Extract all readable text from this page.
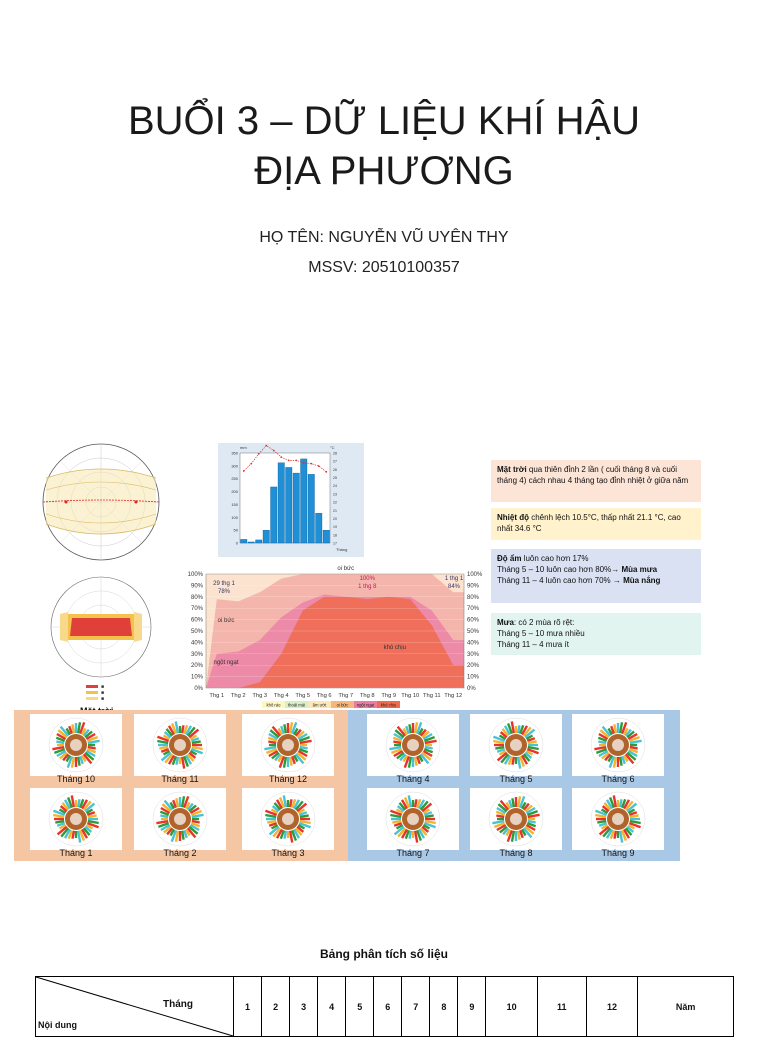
BUỔI 3 – DỮ LIỆU KHÍ HẬU
ĐỊA PHƯƠNG
HỌ TÊN: NGUYỄN VŨ UYÊN THY
MSSV: 20510100357
■
■
■
mm	°C
350
300
250
200
150
100
50
0
28
27
26
25
24
23
22
21
20
19
18
17
Tháng
100%	100%
90%	90%
80%	80%
70%	70%
60%	60%
50%	50%
40%	40%
30%	30%
20%	20%
10%	10%
0%	0%
Thg 1 Thg 2 Thg 3 Thg 4 Thg 5 Thg 6 Thg 7 Thg 8 Thg 9 Thg 10 Thg 11 Thg 12
29 thg 1
78%
100%
1 thg 8
1 thg 1
84%
oi bức
oi bức
ngột ngạt
khó chịu
khô ráo thoải mái âm ướt oi bức ngột ngạt khó chịu
Mặt trời qua thiên đỉnh 2 lần ( cuối tháng 8 và cuối tháng 4) cách nhau 4 tháng tạo đỉnh nhiệt ở giữa năm
Nhiệt độ chênh lệch 10.5°C, thấp nhất 21.1 °C, cao nhất 34.6 °C
Độ ẩm luôn cao hơn 17%
Tháng 5 – 10 luôn cao hơn 80%→ Mùa mưa
Tháng 11 – 4 luôn cao hơn 70% → Mùa nắng
Mưa: có 2 mùa rõ rệt:
Tháng 5 – 10 mưa nhiều
Tháng 11 – 4 mưa ít
Tháng 10	Tháng 11	Tháng 12
Tháng 1	Tháng 2	Tháng 3
Tháng 4	Tháng 5	Tháng 6
Tháng 7	Tháng 8	Tháng 9
Bảng phân tích số liệu
Tháng
Nội dung
	1	2	3	4	5	6	7	8	9	10	11	12	Năm
